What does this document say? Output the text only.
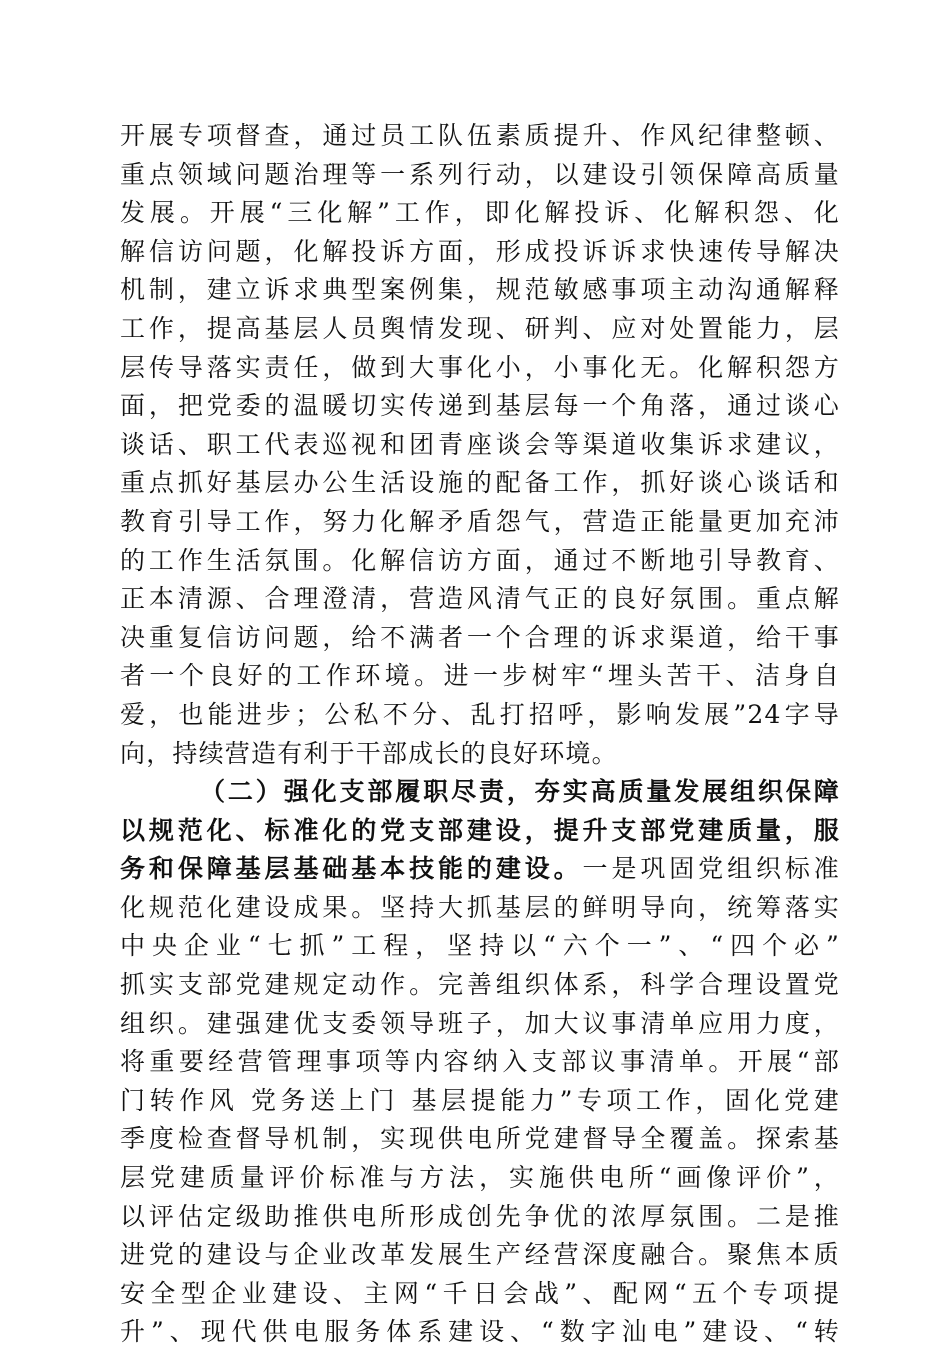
开展专项督查，通过员工队伍素质提升、作风纪律整顿、
重点领域问题治理等一系列行动，以建设引领保障高质量
发展。开展“三化解”工作，即化解投诉、化解积怨、化
解信访问题，化解投诉方面，形成投诉诉求快速传导解决
机制，建立诉求典型案例集，规范敏感事项主动沟通解释
工作，提高基层人员舆情发现、研判、应对处置能力，层
层传导落实责任，做到大事化小，小事化无。化解积怨方
面，把党委的温暖切实传递到基层每一个角落，通过谈心
谈话、职工代表巡视和团青座谈会等渠道收集诉求建议，
重点抓好基层办公生活设施的配备工作，抓好谈心谈话和
教育引导工作，努力化解矛盾怨气，营造正能量更加充沛
的工作生活氛围。化解信访方面，通过不断地引导教育、
正本清源、合理澄清，营造风清气正的良好氛围。重点解
决重复信访问题，给不满者一个合理的诉求渠道，给干事
者一个良好的工作环境。进一步树牢“埋头苦干、洁身自
爱，也能进步；公私不分、乱打招呼，影响发展”24字导
向，持续营造有利于干部成长的良好环境。
（二）强化支部履职尽责，夯实高质量发展组织保障
以规范化、标准化的党支部建设，提升支部党建质量，服
务和保障基层基础基本技能的建设。一是巩固党组织标准
化规范化建设成果。坚持大抓基层的鲜明导向，统筹落实
中央企业“七抓”工程，坚持以“六个一”、“四个必”
抓实支部党建规定动作。完善组织体系，科学合理设置党
组织。建强建优支委领导班子，加大议事清单应用力度，
将重要经营管理事项等内容纳入支部议事清单。开展“部
门转作风 党务送上门 基层提能力”专项工作，固化党建
季度检查督导机制，实现供电所党建督导全覆盖。探索基
层党建质量评价标准与方法，实施供电所“画像评价”，
以评估定级助推供电所形成创先争优的浓厚氛围。二是推
进党的建设与企业改革发展生产经营深度融合。聚焦本质
安全型企业建设、主网“千日会战”、配网“五个专项提
升”、现代供电服务体系建设、“数字汕电”建设、“转
